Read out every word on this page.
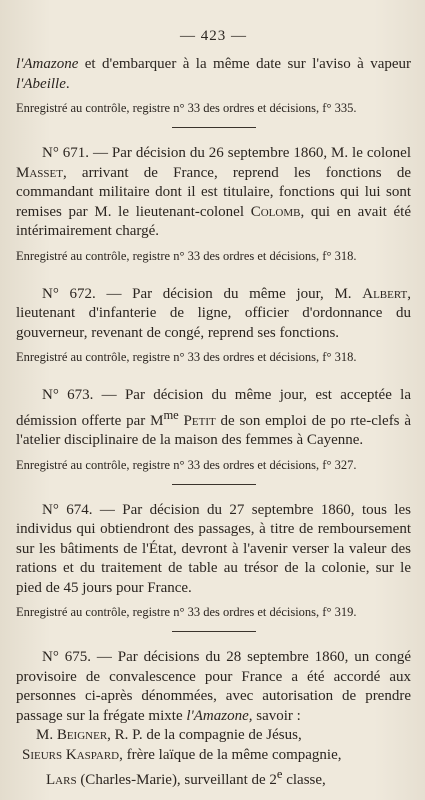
— 423 —

l'Amazone et d'embarquer à la même date sur l'aviso à vapeur l'Abeille.

Enregistré au contrôle, registre n° 33 des ordres et décisions, f° 335.

N° 671. — Par décision du 26 septembre 1860, M. le colonel Masset, arrivant de France, reprend les fonctions de commandant militaire dont il est titulaire, fonctions qui lui sont remises par M. le lieutenant-colonel Colomb, qui en avait été intérimairement chargé.

Enregistré au contrôle, registre n° 33 des ordres et décisions, f° 318.

N° 672. — Par décision du même jour, M. Albert, lieutenant d'infanterie de ligne, officier d'ordonnance du gouverneur, revenant de congé, reprend ses fonctions.

Enregistré au contrôle, registre n° 33 des ordres et décisions, f° 318.

N° 673. — Par décision du même jour, est acceptée la démission offerte par $M^{me}$ Petit de son emploi de po rte-clefs à l'atelier disciplinaire de la maison des femmes à Cayenne.

Enregistré au contrôle, registre n° 33 des ordres et décisions, f° 327.

N° 674. — Par décision du 27 septembre 1860, tous les individus qui obtiendront des passages, à titre de remboursement sur les bâtiments de l'État, devront à l'avenir verser la valeur des rations et du traitement de table au trésor de la colonie, sur le pied de 45 jours pour France.

Enregistré au contrôle, registre n° 33 des ordres et décisions, f° 319.

N° 675. — Par décisions du 28 septembre 1860, un congé provisoire de convalescence pour France a été accordé aux personnes ci-après dénommées, avec autorisation de prendre passage sur la frégate mixte l'Amazone, savoir :

M. Beigner, R. P. de la compagnie de Jésus,
Sieurs Kaspard, frère laïque de la même compagnie,
Lars (Charles-Marie), surveillant de 2e classe,
